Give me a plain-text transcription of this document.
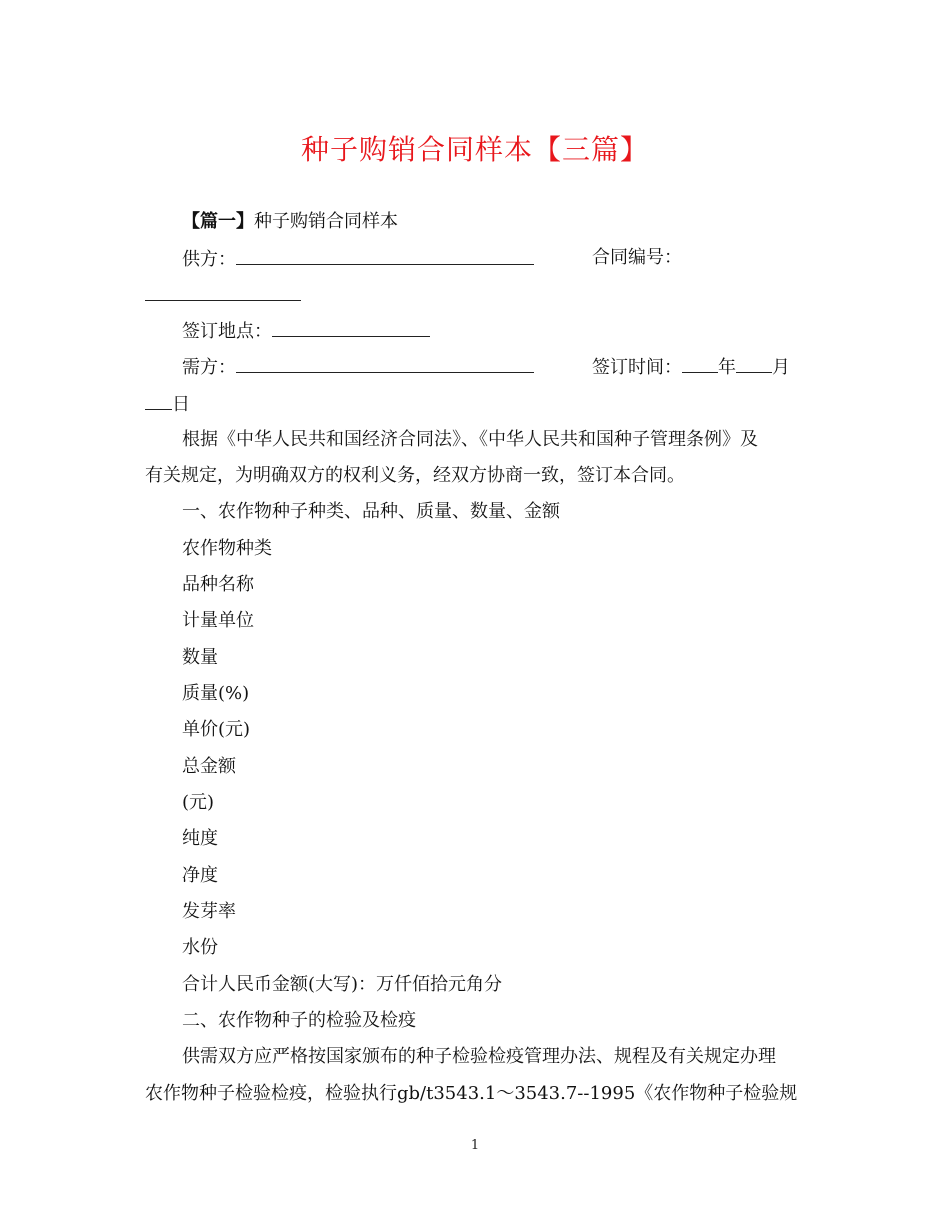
种子购销合同样本【三篇】
【篇一】种子购销合同样本
供方：	合同编号：
签订地点：
需方：	签订时间： 年 月
日
根据《中华人民共和国经济合同法》、《中华人民共和国种子管理条例》及
有关规定，为明确双方的权利义务，经双方协商一致，签订本合同。
一、农作物种子种类、品种、质量、数量、金额
农作物种类
品种名称
计量单位
数量
质量(%)
单价(元)
总金额
(元)
纯度
净度
发芽率
水份
合计人民币金额(大写)：万仟佰拾元角分
二、农作物种子的检验及检疫
供需双方应严格按国家颁布的种子检验检疫管理办法、规程及有关规定办理
农作物种子检验检疫，检验执行gb/t3543.1～3543.7--1995《农作物种子检验规
1
